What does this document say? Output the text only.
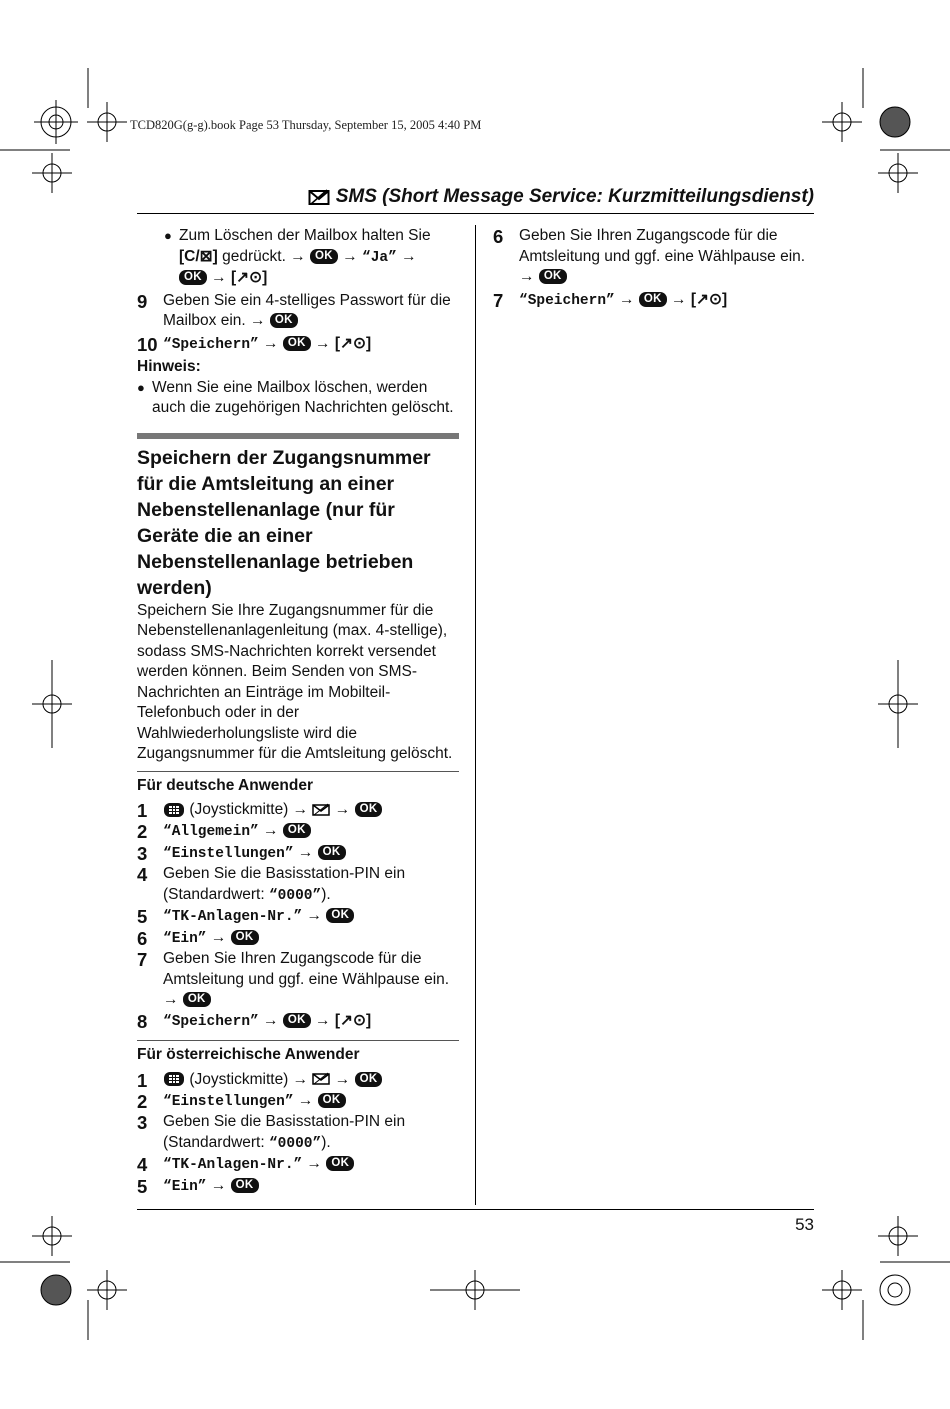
TCD820G(g-g).book Page 53 Thursday, September 15, 2005 4:40 PM
SMS (Short Message Service: Kurzmitteilungsdienst)
53
● Zum Löschen der Mailbox halten Sie
[C/⊠] gedrückt. → OK → “Ja” →
OK → [↗⊙]
9	Geben Sie ein 4-stelliges Passwort für die Mailbox ein. → OK
10 “Speichern” → OK → [↗⊙]
Hinweis:
● Wenn Sie eine Mailbox löschen, werden auch die zugehörigen Nachrichten gelöscht.
Speichern der Zugangsnummer für die Amtsleitung an einer Nebenstellenanlage (nur für Geräte die an einer Nebenstellenanlage betrieben werden)
Speichern Sie Ihre Zugangsnummer für die Nebenstellenanlagenleitung (max. 4-stellige), sodass SMS-Nachrichten korrekt versendet werden können. Beim Senden von SMS-Nachrichten an Einträge im Mobilteil-Telefonbuch oder in der Wahlwiederholungsliste wird die Zugangsnummer für die Amtsleitung gelöscht.
Für deutsche Anwender
1	(Joystickmitte) → → OK
2	“Allgemein” → OK
3	“Einstellungen” → OK
4	Geben Sie die Basisstation-PIN ein (Standardwert: “0000”).
5	“TK-Anlagen-Nr.” → OK
6	“Ein” → OK
7	Geben Sie Ihren Zugangscode für die Amtsleitung und ggf. eine Wählpause ein.
→ OK
8	“Speichern” → OK → [↗⊙]
Für österreichische Anwender
1	(Joystickmitte) → → OK
2	“Einstellungen” → OK
3	Geben Sie die Basisstation-PIN ein (Standardwert: “0000”).
4	“TK-Anlagen-Nr.” → OK
5	“Ein” → OK
6	Geben Sie Ihren Zugangscode für die Amtsleitung und ggf. eine Wählpause ein.
→ OK
7	“Speichern” → OK → [↗⊙]
